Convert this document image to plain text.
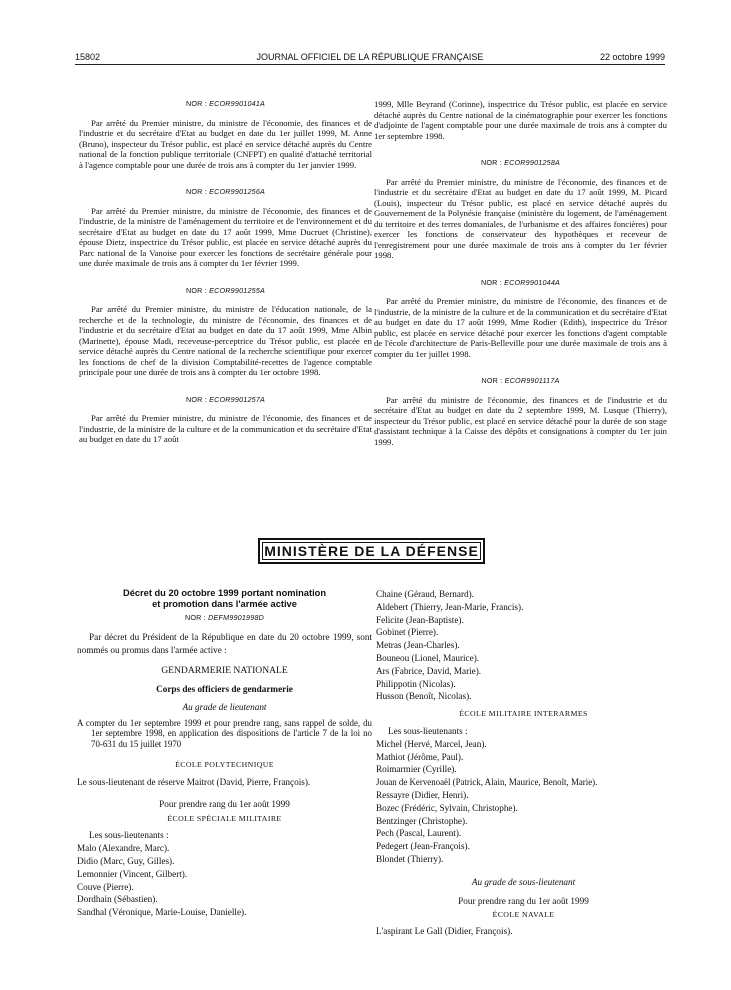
15802	JOURNAL OFFICIEL DE LA RÉPUBLIQUE FRANÇAISE	22 octobre 1999

NOR : ECOR9901041A

Par arrêté du Premier ministre, du ministre de l'économie, des finances et de l'industrie et du secrétaire d'Etat au budget en date du 1er juillet 1999, M. Anne (Bruno), inspecteur du Trésor public, est placé en service détaché auprès du Centre national de la fonction publique territoriale (CNFPT) en qualité d'attaché territorial à l'agence comptable pour une durée de trois ans à compter du 1er janvier 1999.

NOR : ECOR9901256A

Par arrêté du Premier ministre, du ministre de l'économie, des finances et de l'industrie, de la ministre de l'aménagement du territoire et de l'environnement et du secrétaire d'Etat au budget en date du 17 août 1999, Mme Ducruet (Christine), épouse Dietz, inspectrice du Trésor public, est placée en service détaché auprès du Parc national de la Vanoise pour exercer les fonctions de secrétaire générale pour une durée maximale de trois ans à compter du 1er février 1999.

NOR : ECOR9901255A

Par arrêté du Premier ministre, du ministre de l'éducation nationale, de la recherche et de la technologie, du ministre de l'économie, des finances et de l'industrie et du secrétaire d'Etat au budget en date du 17 août 1999, Mme Albin (Marinette), épouse Madi, receveuse-perceptrice du Trésor public, est placée en service détaché auprès du Centre national de la recherche scientifique pour exercer les fonctions de chef de la division Comptabilité-recettes de l'agence comptable principale pour une durée de trois ans à compter du 1er octobre 1998.

NOR : ECOR9901257A

Par arrêté du Premier ministre, du ministre de l'économie, des finances et de l'industrie, de la ministre de la culture et de la communication et du secrétaire d'Etat au budget en date du 17 août

1999, Mlle Beyrand (Corinne), inspectrice du Trésor public, est placée en service détaché auprès du Centre national de la cinématographie pour exercer les fonctions d'adjointe de l'agent comptable pour une durée maximale de trois ans à compter du 1er septembre 1998.

NOR : ECOR9901258A

Par arrêté du Premier ministre, du ministre de l'économie, des finances et de l'industrie et du secrétaire d'Etat au budget en date du 17 août 1999, M. Picard (Louis), inspecteur du Trésor public, est placé en service détaché auprès du Gouvernement de la Polynésie française (ministère du logement, de l'aménagement du territoire et des terres domaniales, de l'urbanisme et des affaires foncières) pour exercer les fonctions de conservateur des hypothèques et receveur de l'enregistrement pour une durée maximale de trois ans à compter du 1er février 1998.

NOR : ECOR9901044A

Par arrêté du Premier ministre, du ministre de l'économie, des finances et de l'industrie, de la ministre de la culture et de la communication et du secrétaire d'Etat au budget en date du 17 août 1999, Mme Rodier (Edith), inspectrice du Trésor public, est placée en service détaché pour exercer les fonctions d'agent comptable de l'école d'architecture de Paris-Belleville pour une durée maximale de trois ans à compter du 1er juillet 1998.

NOR : ECOR9901117A

Par arrêté du ministre de l'économie, des finances et de l'industrie et du secrétaire d'Etat au budget en date du 2 septembre 1999, M. Lusque (Thierry), inspecteur du Trésor public, est placé en service détaché pour la durée de son stage d'assistant technique à la Caisse des dépôts et consignations à compter du 1er juin 1999.

MINISTÈRE DE LA DÉFENSE

Décret du 20 octobre 1999 portant nomination
et promotion dans l'armée active

NOR : DEFM9901998D

Par décret du Président de la République en date du 20 octobre 1999, sont nommés ou promus dans l'armée active :

GENDARMERIE NATIONALE

Corps des officiers de gendarmerie

Au grade de lieutenant

A compter du 1er septembre 1999 et pour prendre rang, sans rappel de solde, du 1er septembre 1998, en application des dispositions de l'article 7 de la loi no 70-631 du 15 juillet 1970

ÉCOLE POLYTECHNIQUE

Le sous-lieutenant de réserve Maitrot (David, Pierre, François).

Pour prendre rang du 1er août 1999

ÉCOLE SPÉCIALE MILITAIRE

Les sous-lieutenants :

Malo (Alexandre, Marc).

Didio (Marc, Guy, Gilles).

Lemonnier (Vincent, Gilbert).

Couve (Pierre).

Dordhain (Sébastien).

Sandhal (Véronique, Marie-Louise, Danielle).

Chaine (Géraud, Bernard).

Aldebert (Thierry, Jean-Marie, Francis).

Felicite (Jean-Baptiste).

Gobinet (Pierre).

Metras (Jean-Charles).

Bouneou (Lionel, Maurice).

Ars (Fabrice, David, Marie).

Philippotin (Nicolas).

Husson (Benoît, Nicolas).

ÉCOLE MILITAIRE INTERARMES

Les sous-lieutenants :

Michel (Hervé, Marcel, Jean).

Mathiot (Jérôme, Paul).

Roimarmier (Cyrille).

Jouan de Kervenoaël (Patrick, Alain, Maurice, Benoît, Marie).

Ressayre (Didier, Henri).

Bozec (Frédéric, Sylvain, Christophe).

Bentzinger (Christophe).

Pech (Pascal, Laurent).

Pedegert (Jean-François).

Blondet (Thierry).

Au grade de sous-lieutenant

Pour prendre rang du 1er août 1999

ÉCOLE NAVALE

L'aspirant Le Gall (Didier, François).
